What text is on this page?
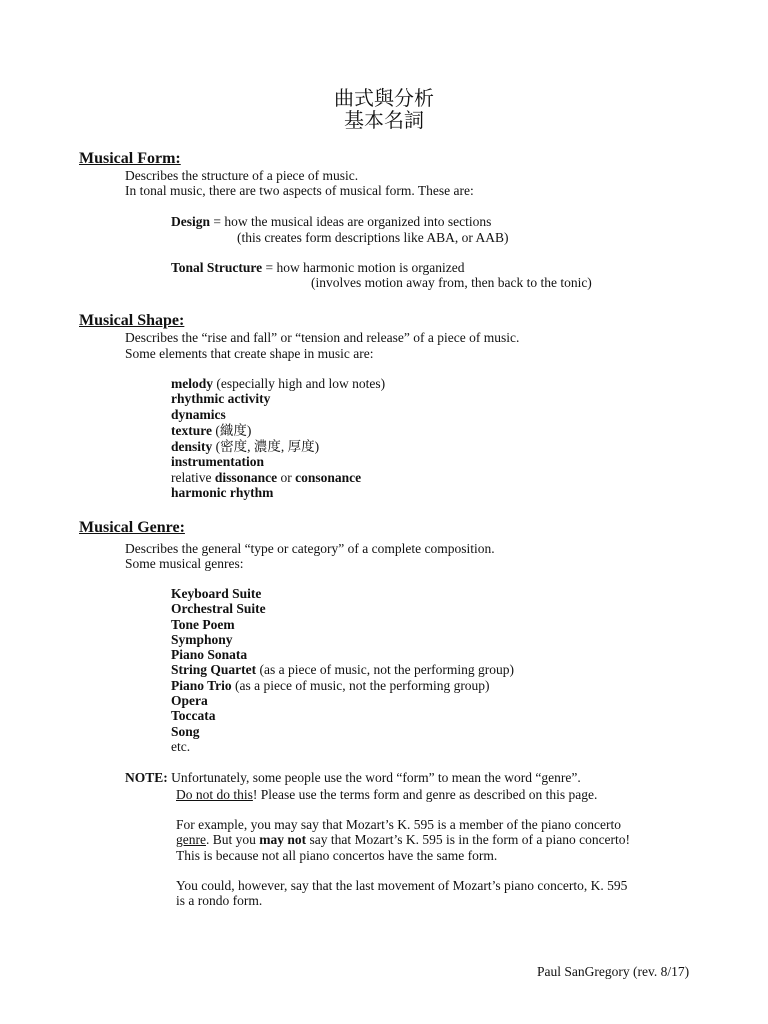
曲式與分析
基本名詞
Musical Form:
Describes the structure of a piece of music.
In tonal music, there are two aspects of musical form. These are:
Design = how the musical ideas are organized into sections
(this creates form descriptions like ABA, or AAB)
Tonal Structure = how harmonic motion is organized
(involves motion away from, then back to the tonic)
Musical Shape:
Describes the “rise and fall” or “tension and release” of a piece of music.
Some elements that create shape in music are:
melody (especially high and low notes)
rhythmic activity
dynamics
texture (織度)
density (密度, 濃度, 厚度)
instrumentation
relative dissonance or consonance
harmonic rhythm
Musical Genre:
Describes the general “type or category” of a complete composition.
Some musical genres:
Keyboard Suite
Orchestral Suite
Tone Poem
Symphony
Piano Sonata
String Quartet (as a piece of music, not the performing group)
Piano Trio (as a piece of music, not the performing group)
Opera
Toccata
Song
etc.
NOTE: Unfortunately, some people use the word “form” to mean the word “genre”.
Do not do this! Please use the terms form and genre as described on this page.
For example, you may say that Mozart’s K. 595 is a member of the piano concerto
genre. But you may not say that Mozart’s K. 595 is in the form of a piano concerto!
This is because not all piano concertos have the same form.
You could, however, say that the last movement of Mozart’s piano concerto, K. 595
is a rondo form.
Paul SanGregory (rev. 8/17)
